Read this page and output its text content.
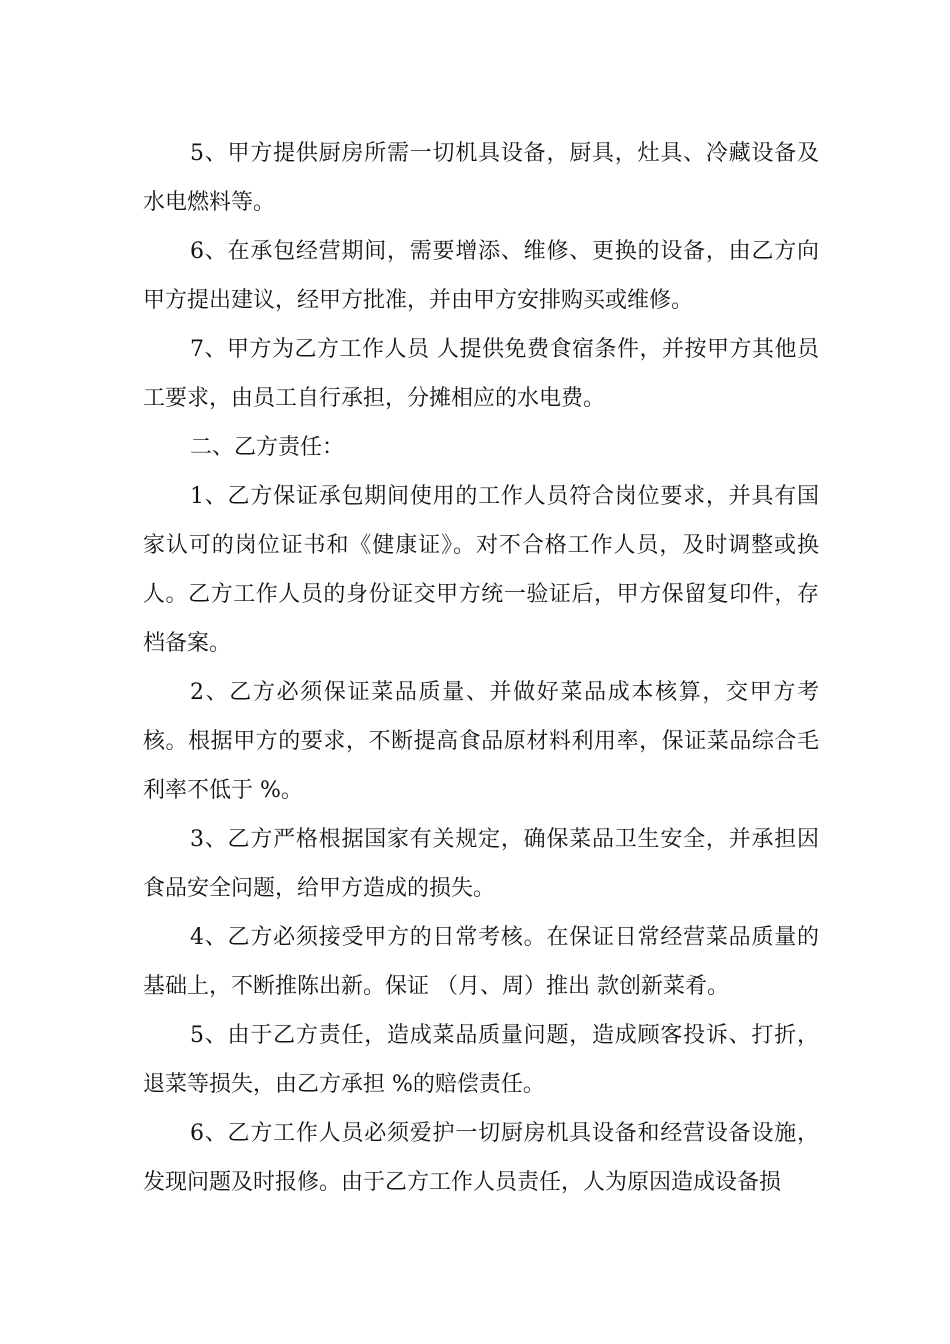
5、甲方提供厨房所需一切机具设备，厨具，灶具、冷藏设备及水电燃料等。

6、在承包经营期间，需要增添、维修、更换的设备，由乙方向甲方提出建议，经甲方批准，并由甲方安排购买或维修。

7、甲方为乙方工作人员 人提供免费食宿条件，并按甲方其他员工要求，由员工自行承担，分摊相应的水电费。

二、乙方责任：

1、乙方保证承包期间使用的工作人员符合岗位要求，并具有国家认可的岗位证书和《健康证》。对不合格工作人员，及时调整或换人。乙方工作人员的身份证交甲方统一验证后，甲方保留复印件，存档备案。

2、乙方必须保证菜品质量、并做好菜品成本核算，交甲方考核。根据甲方的要求，不断提高食品原材料利用率，保证菜品综合毛利率不低于 %。

3、乙方严格根据国家有关规定，确保菜品卫生安全，并承担因食品安全问题，给甲方造成的损失。

4、乙方必须接受甲方的日常考核。在保证日常经营菜品质量的基础上，不断推陈出新。保证 （月、周）推出 款创新菜肴。

5、由于乙方责任，造成菜品质量问题，造成顾客投诉、打折，退菜等损失，由乙方承担 %的赔偿责任。

6、乙方工作人员必须爱护一切厨房机具设备和经营设备设施，发现问题及时报修。由于乙方工作人员责任，人为原因造成设备损
